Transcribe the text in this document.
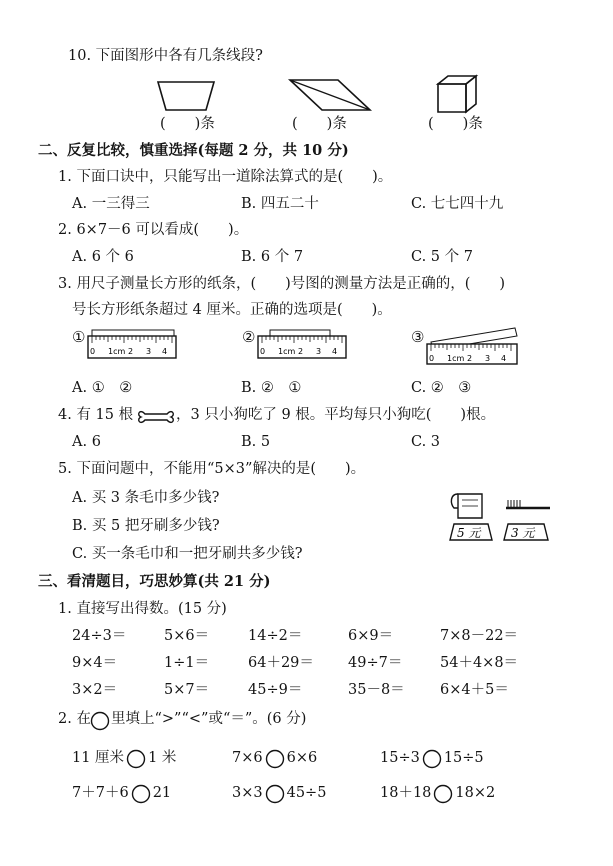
10. 下面图形中各有几条线段?
(　　)条	(　　)条	(　　)条
二、反复比较，慎重选择(每题 2 分，共 10 分)
1. 下面口诀中，只能写出一道除法算式的是(　　)。
A. 一三得三	B. 四五二十	C. 七七四十九
2. 6×7－6 可以看成(　　)。
A. 6 个 6	B. 6 个 7	C. 5 个 7
3. 用尺子测量长方形的纸条，(　　)号图的测量方法是正确的，(　　)
号长方形纸条超过 4 厘米。正确的选项是(　　)。
①
0 1cm 2 3 4
②
0 1cm 2 3 4
③
0 1cm 2 3 4
A. ①　②	B. ②　①	C. ②　③
4. 有 15 根	，3 只小狗吃了 9 根。平均每只小狗吃(　　)根。
A. 6	B. 5	C. 3
5. 下面问题中，不能用“5×3”解决的是(　　)。
A. 买 3 条毛巾多少钱?
B. 买 5 把牙刷多少钱?
C. 买一条毛巾和一把牙刷共多少钱?
5 元	3 元
三、看清题目，巧思妙算(共 21 分)
1. 直接写出得数。(15 分)
24÷3＝	5×6＝	14÷2＝	6×9＝	7×8－22＝
9×4＝	1÷1＝	64＋29＝ 49÷7＝	54＋4×8＝
3×2＝	5×7＝	45÷9＝	35－8＝ 6×4＋5＝
2. 在 里填上“>”“<”或“＝”。(6 分)
11 厘米 1 米	7×6 6×6	15÷3 15÷5
7＋7＋6 21	3×3 45÷5	18＋18 18×2
